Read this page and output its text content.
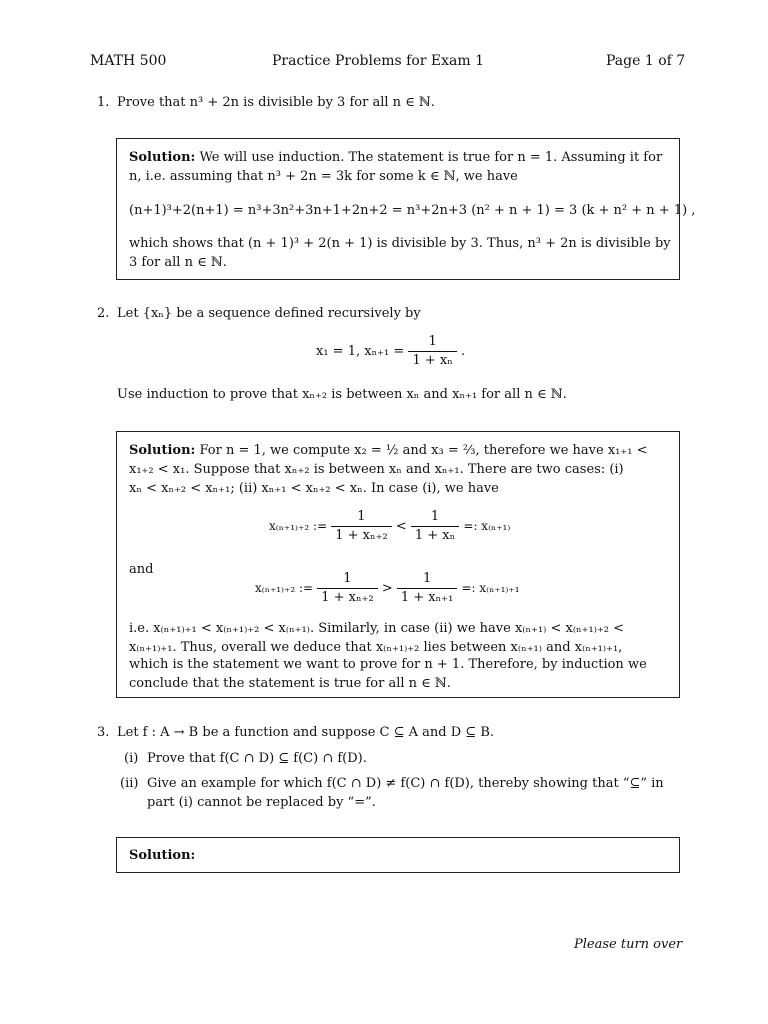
MATH 500	Practice Problems for Exam 1	Page 1 of 7
1. Prove that n³ + 2n is divisible by 3 for all n ∈ ℕ.
Solution: We will use induction. The statement is true for n = 1. Assuming it for
n, i.e. assuming that n³ + 2n = 3k for some k ∈ ℕ, we have
(n+1)³+2(n+1) = n³+3n²+3n+1+2n+2 = n³+2n+3 (n² + n + 1) = 3 (k + n² + n + 1) ,
which shows that (n + 1)³ + 2(n + 1) is divisible by 3. Thus, n³ + 2n is divisible by
3 for all n ∈ ℕ.
2. Let {xₙ} be a sequence defined recursively by
x₁ = 1, $x_{n+1} = \frac{1}{\text{1 + xₙ}}$ .
Use induction to prove that xₙ₊₂ is between xₙ and xₙ₊₁ for all n ∈ ℕ.
Solution: For n = 1, we compute x₂ = ½ and x₃ = ⅔, therefore we have x₁₊₁ <
x₁₊₂ < x₁. Suppose that xₙ₊₂ is between xₙ and xₙ₊₁. There are two cases: (i)
xₙ < xₙ₊₂ < xₙ₊₁; (ii) xₙ₊₁ < xₙ₊₂ < xₙ. In case (i), we have
x₍ₙ₊₁₎₊₂ := $\frac{1}{\text{1 + xₙ₊₂}} < \frac{1}{\text{1 + xₙ}}$ =: x₍ₙ₊₁₎
and
x₍ₙ₊₁₎₊₂ := $\frac{1}{\text{1 + xₙ₊₂}} > \frac{1}{\text{1 + xₙ₊₁}}$ =: x₍ₙ₊₁₎₊₁
i.e. x₍ₙ₊₁₎₊₁ < x₍ₙ₊₁₎₊₂ < x₍ₙ₊₁₎. Similarly, in case (ii) we have x₍ₙ₊₁₎ < x₍ₙ₊₁₎₊₂ <
x₍ₙ₊₁₎₊₁. Thus, overall we deduce that x₍ₙ₊₁₎₊₂ lies between x₍ₙ₊₁₎ and x₍ₙ₊₁₎₊₁,
which is the statement we want to prove for n + 1. Therefore, by induction we
conclude that the statement is true for all n ∈ ℕ.
3. Let f : A → B be a function and suppose C ⊆ A and D ⊆ B.
(i) Prove that f(C ∩ D) ⊆ f(C) ∩ f(D).
(ii) Give an example for which f(C ∩ D) ≠ f(C) ∩ f(D), thereby showing that “⊆” in
part (i) cannot be replaced by “=”.
Solution:
Please turn over
